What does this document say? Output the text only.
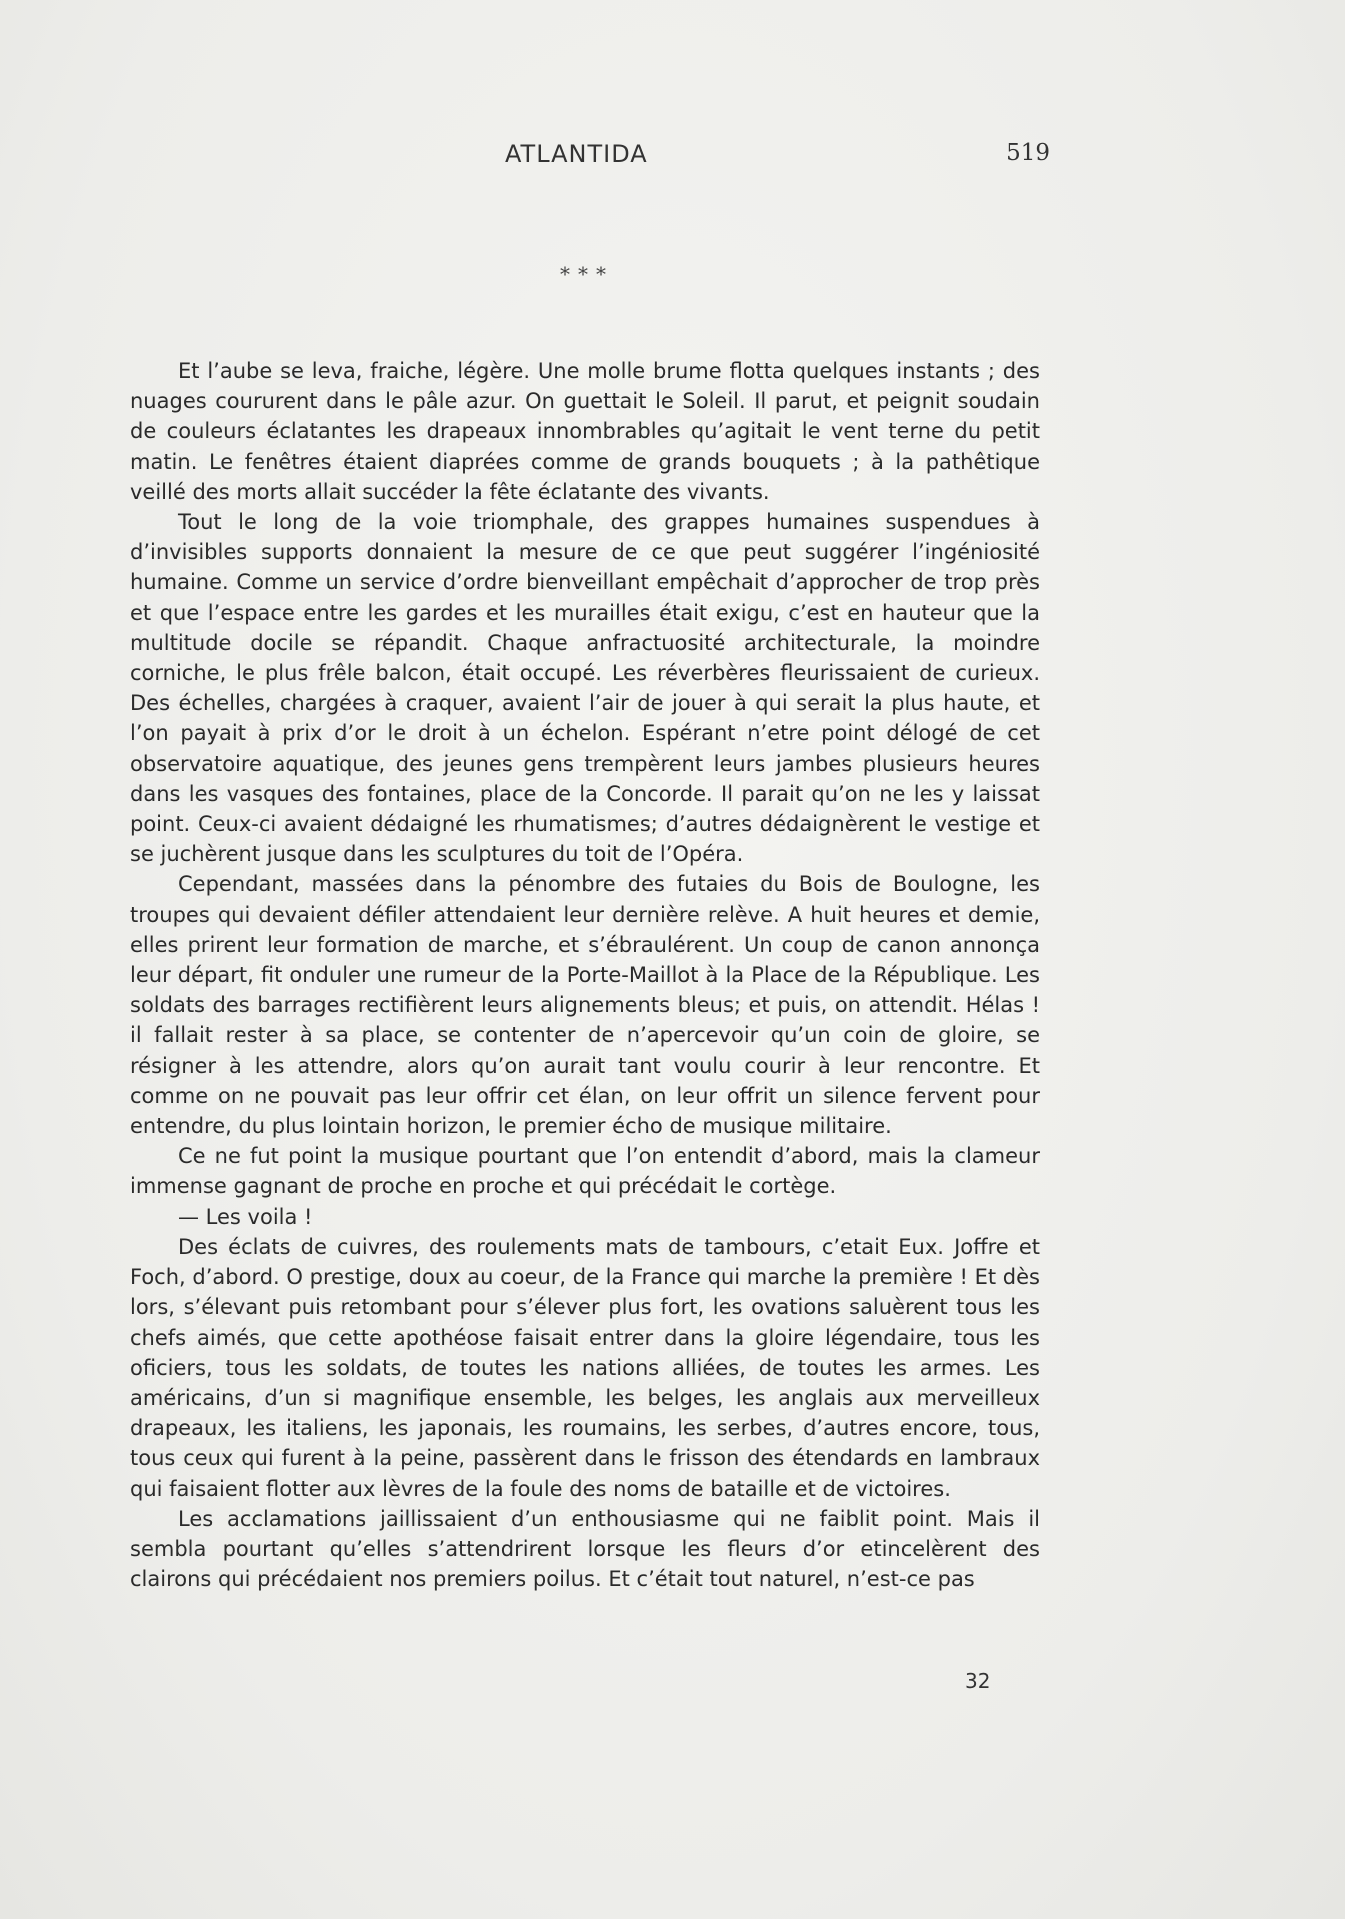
ATLANTIDA	519
* * *

Et l’aube se leva, fraiche, légère. Une molle brume flotta quelques instants ; des nuages coururent dans le pâle azur. On guettait le Soleil. Il parut, et peignit soudain de couleurs éclatantes les drapeaux innombrables qu’agitait le vent terne du petit matin. Le fenêtres étaient diaprées comme de grands bouquets ; à la pathêtique veillé des morts allait succéder la fête éclatante des vivants.

Tout le long de la voie triomphale, des grappes humaines suspendues à d’invisibles supports donnaient la mesure de ce que peut suggérer l’ingéniosité humaine. Comme un service d’ordre bienveillant empêchait d’approcher de trop près et que l’espace entre les gardes et les murailles était exigu, c’est en hauteur que la multitude docile se répandit. Chaque anfractuosité architecturale, la moindre corniche, le plus frêle balcon, était occupé. Les réverbères fleurissaient de curieux. Des échelles, chargées à craquer, avaient l’air de jouer à qui serait la plus haute, et l’on payait à prix d’or le droit à un échelon. Espérant n’etre point délogé de cet observatoire aquatique, des jeunes gens trempèrent leurs jambes plusieurs heures dans les vasques des fontaines, place de la Concorde. Il parait qu’on ne les y laissat point. Ceux-ci avaient dédaigné les rhumatismes; d’autres dédaignèrent le vestige et se juchèrent jusque dans les sculptures du toit de l’Opéra.

Cependant, massées dans la pénombre des futaies du Bois de Boulogne, les troupes qui devaient défiler attendaient leur dernière relève. A huit heures et demie, elles prirent leur formation de marche, et s’ébraulérent. Un coup de canon annonça leur départ, fit onduler une rumeur de la Porte-Maillot à la Place de la République. Les soldats des barrages rectifièrent leurs alignements bleus; et puis, on attendit. Hélas ! il fallait rester à sa place, se contenter de n’apercevoir qu’un coin de gloire, se résigner à les attendre, alors qu’on aurait tant voulu courir à leur rencontre. Et comme on ne pouvait pas leur offrir cet élan, on leur offrit un silence fervent pour entendre, du plus lointain horizon, le premier écho de musique militaire.

Ce ne fut point la musique pourtant que l’on entendit d’abord, mais la clameur immense gagnant de proche en proche et qui précédait le cortège.

— Les voila !

Des éclats de cuivres, des roulements mats de tambours, c’etait Eux. Joffre et Foch, d’abord. O prestige, doux au coeur, de la France qui marche la première ! Et dès lors, s’élevant puis retombant pour s’élever plus fort, les ovations saluèrent tous les chefs aimés, que cette apothéose faisait entrer dans la gloire légendaire, tous les oficiers, tous les soldats, de toutes les nations alliées, de toutes les armes. Les américains, d’un si magnifique ensemble, les belges, les anglais aux merveilleux drapeaux, les italiens, les japonais, les roumains, les serbes, d’autres encore, tous, tous ceux qui furent à la peine, passèrent dans le frisson des étendards en lambraux qui faisaient flotter aux lèvres de la foule des noms de bataille et de victoires.

Les acclamations jaillissaient d’un enthousiasme qui ne faiblit point. Mais il sembla pourtant qu’elles s’attendrirent lorsque les fleurs d’or etincelèrent des clairons qui précédaient nos premiers poilus. Et c’était tout naturel, n’est-ce pas

32
